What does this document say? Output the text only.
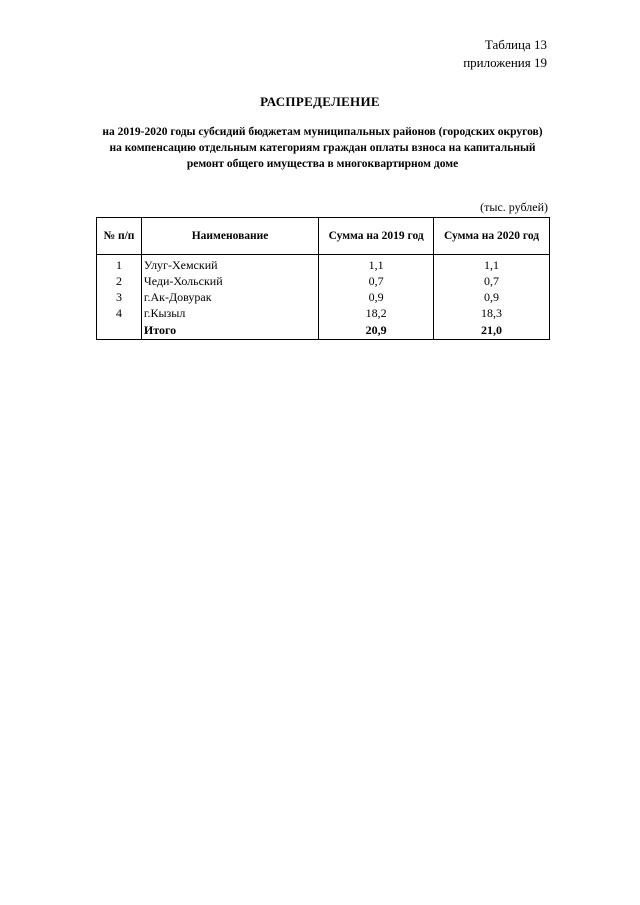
Таблица 13
приложения 19
РАСПРЕДЕЛЕНИЕ
на 2019-2020 годы субсидий бюджетам муниципальных районов (городских округов) на компенсацию отдельным категориям граждан оплаты взноса на капитальный ремонт общего имущества в многоквартирном доме
(тыс. рублей)
№ п/п	Наименование	Сумма на 2019 год	Сумма на 2020 год
1	Улуг-Хемский	1,1	1,1
2	Чеди-Хольский	0,7	0,7
3	г.Ак-Довурак	0,9	0,9
4	г.Кызыл	18,2	18,3
	Итого	20,9	21,0
